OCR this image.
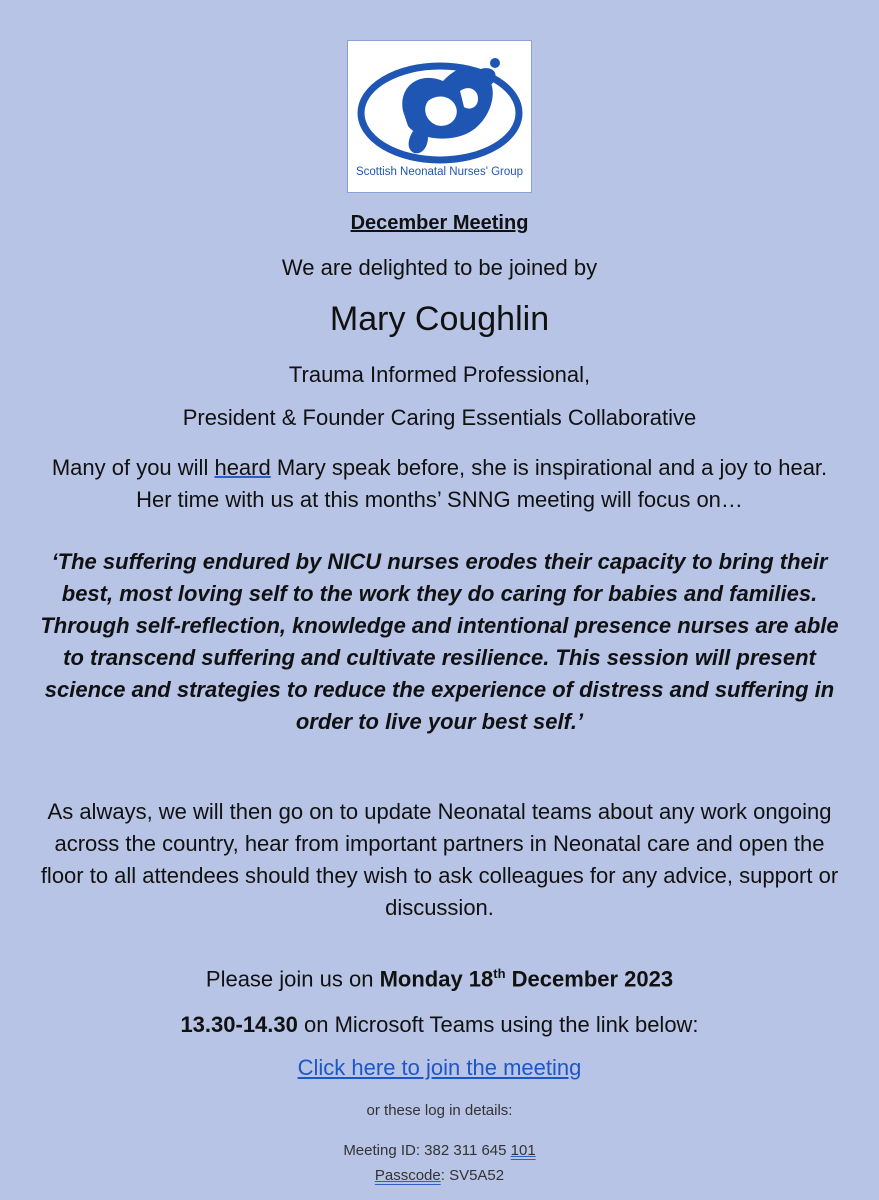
Scottish Neonatal Nurses' Group
December Meeting
We are delighted to be joined by
Mary Coughlin
Trauma Informed Professional,
President & Founder Caring Essentials Collaborative
Many of you will heard Mary speak before, she is inspirational and a joy to hear. Her time with us at this months’ SNNG meeting will focus on…
‘The suffering endured by NICU nurses erodes their capacity to bring their best, most loving self to the work they do caring for babies and families. Through self-reflection, knowledge and intentional presence nurses are able to transcend suffering and cultivate resilience. This session will present science and strategies to reduce the experience of distress and suffering in order to live your best self.’
As always, we will then go on to update Neonatal teams about any work ongoing across the country, hear from important partners in Neonatal care and open the floor to all attendees should they wish to ask colleagues for any advice, support or discussion.
Please join us on Monday 18th December 2023
13.30-14.30 on Microsoft Teams using the link below:
Click here to join the meeting
or these log in details:
Meeting ID: 382 311 645 101
Passcode: SV5A52
